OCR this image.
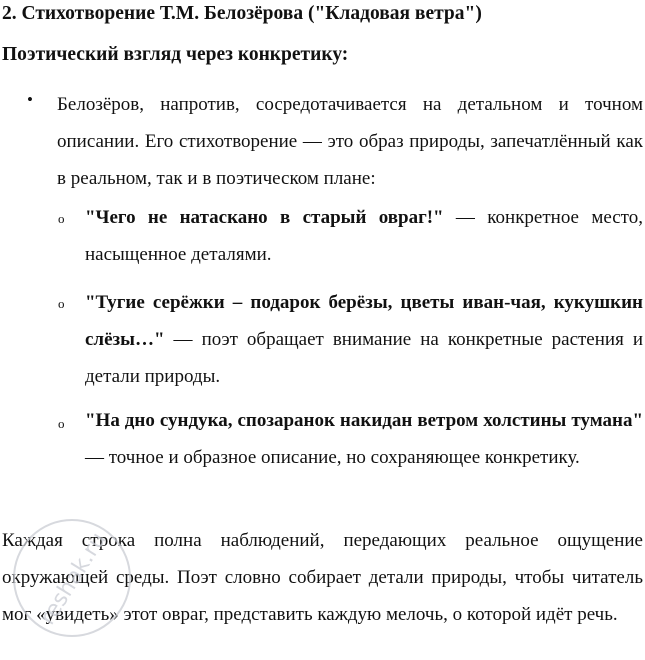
2. Стихотворение Т.М. Белозёрова ("Кладовая ветра")
Поэтический взгляд через конкретику:
• Белозёров, напротив, сосредотачивается на детальном и точном описании. Его стихотворение — это образ природы, запечатлённый как в реальном, так и в поэтическом плане:

o "Чего не натаскано в старый овраг!" — конкретное место, насыщенное деталями.

o "Тугие серёжки – подарок берёзы, цветы иван-чая, кукушкин слёзы…" — поэт обращает внимание на конкретные растения и детали природы.

o "На дно сундука, спозаранок накидан ветром холстины тумана" — точное и образное описание, но сохраняющее конкретику.

Каждая строка полна наблюдений, передающих реальное ощущение окружающей среды. Поэт словно собирает детали природы, чтобы читатель мог «увидеть» этот овраг, представить каждую мелочь, о которой идёт речь.

reshak.ru
